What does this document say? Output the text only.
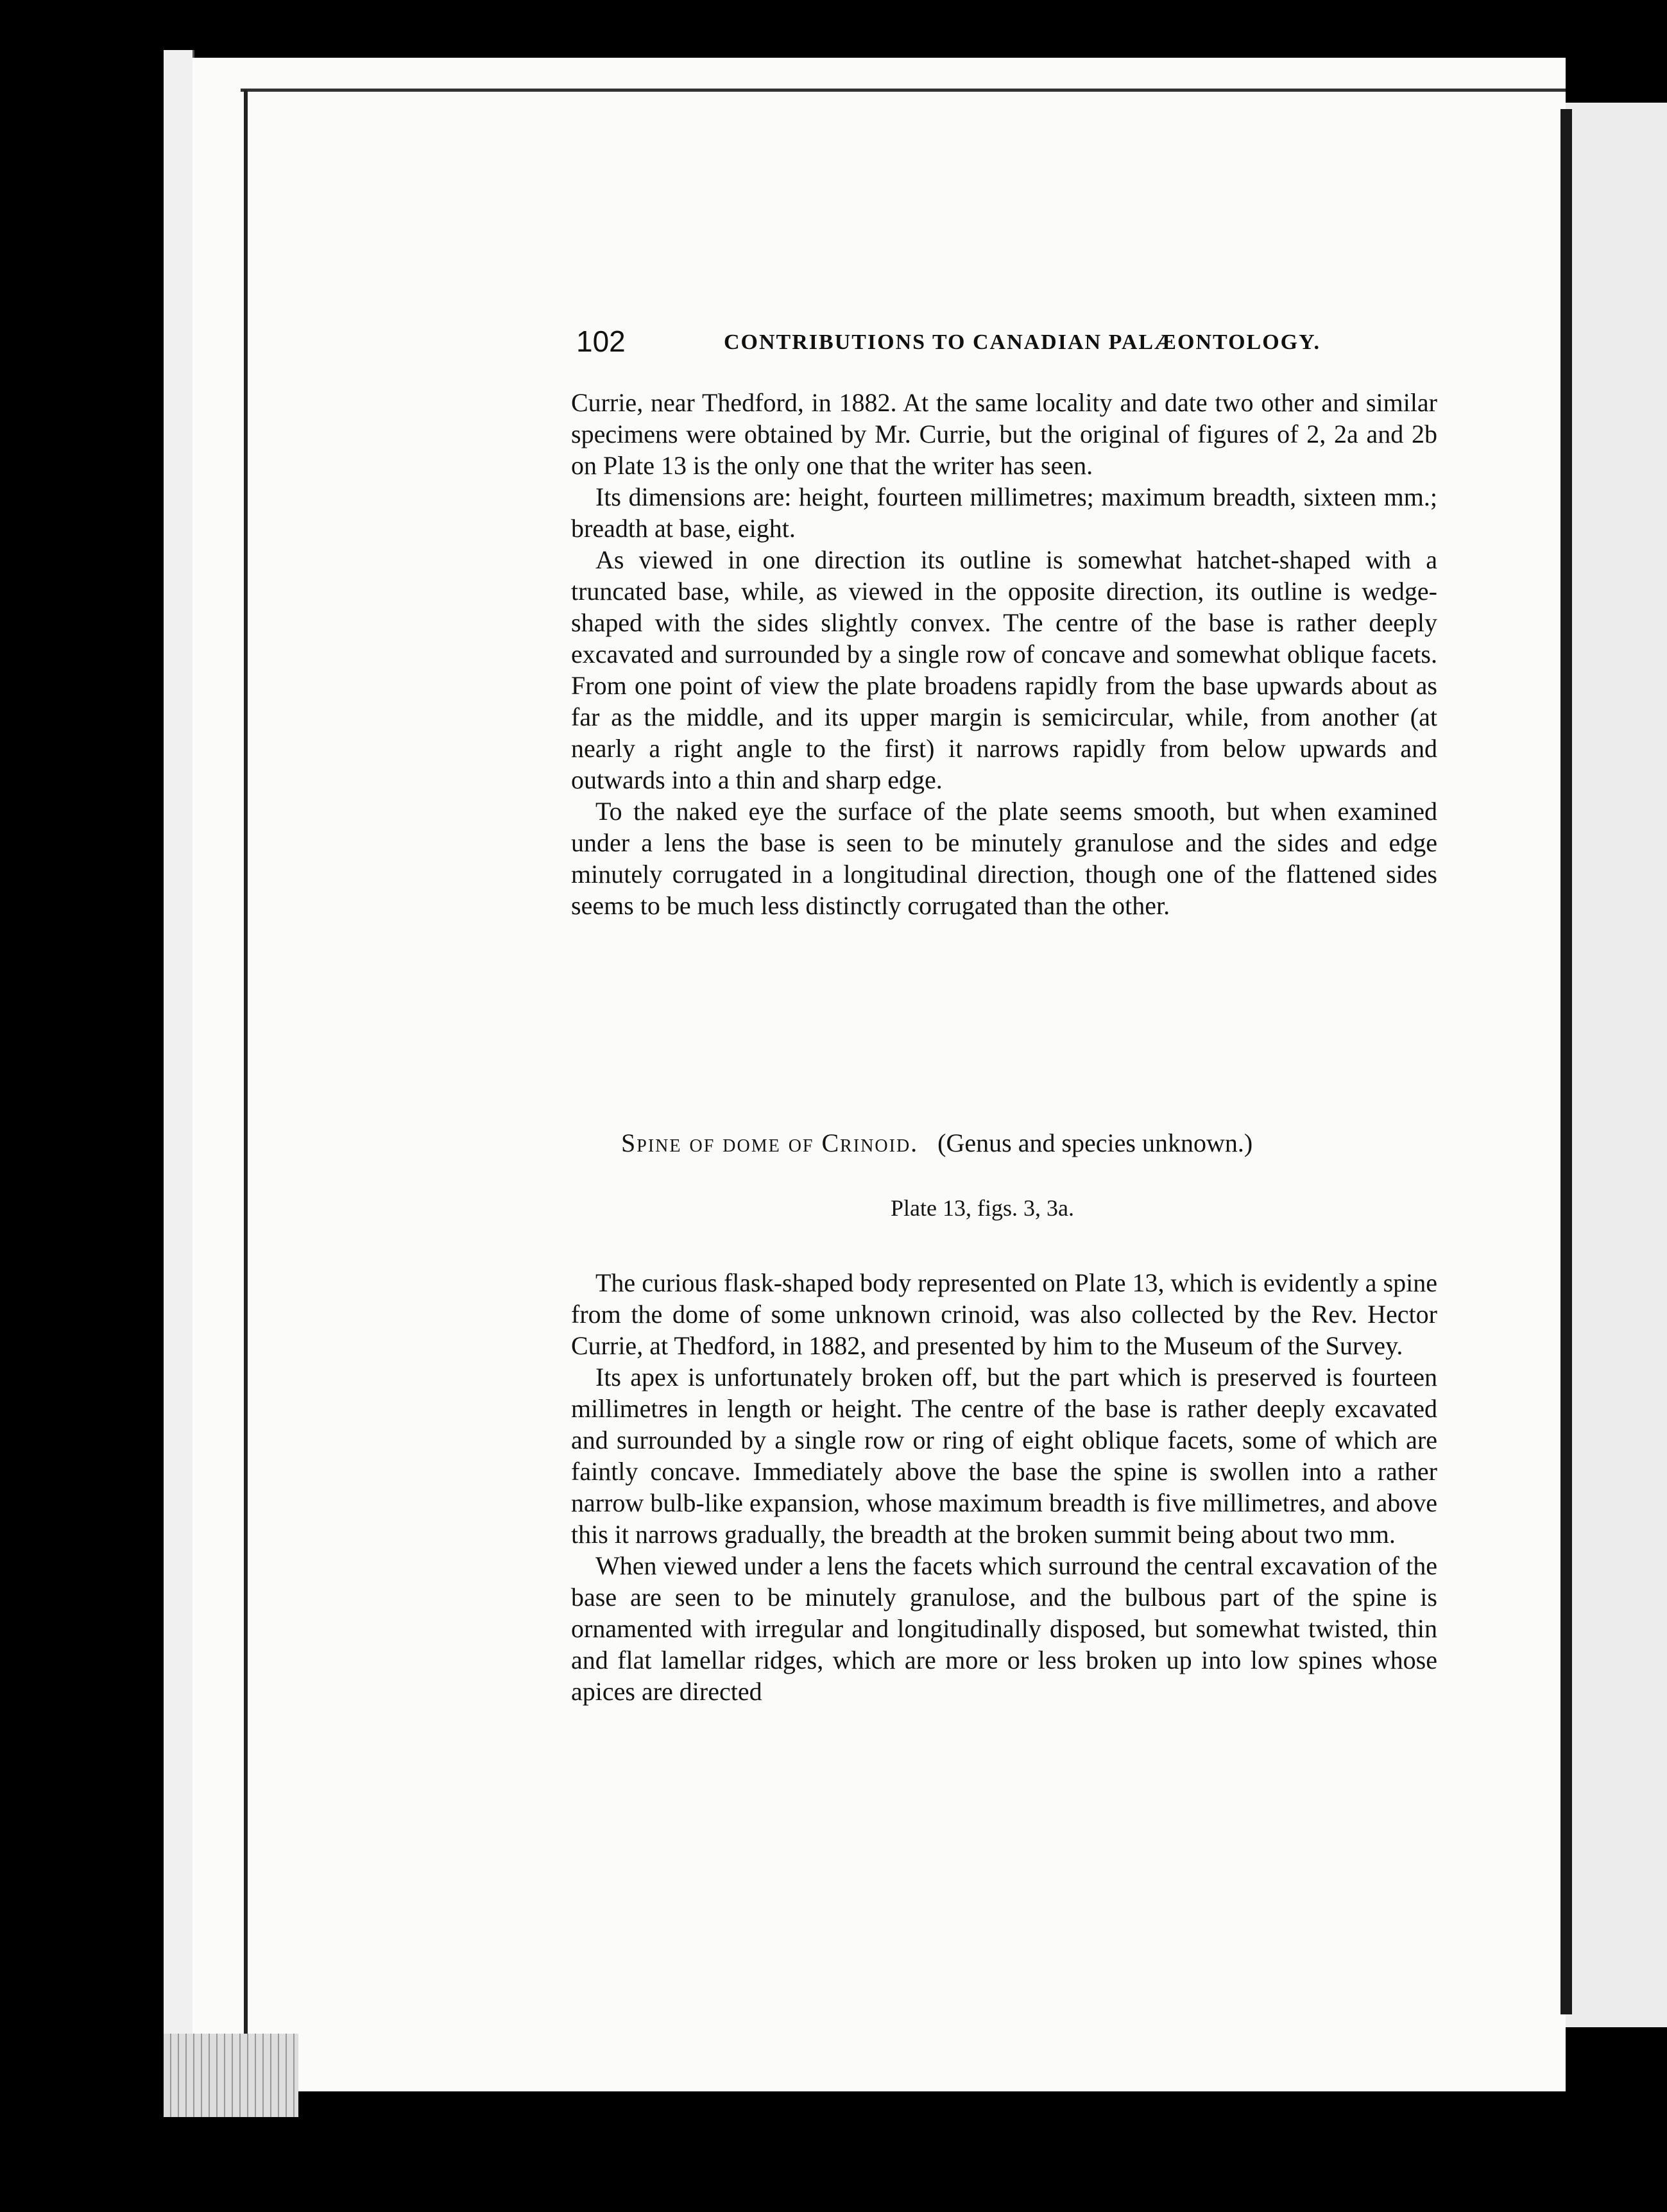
102	CONTRIBUTIONS TO CANADIAN PALÆONTOLOGY.

Currie, near Thedford, in 1882. At the same locality and date two other and similar specimens were obtained by Mr. Currie, but the original of figures of 2, 2a and 2b on Plate 13 is the only one that the writer has seen.

Its dimensions are: height, fourteen millimetres; maximum breadth, sixteen mm.; breadth at base, eight.

As viewed in one direction its outline is somewhat hatchet-shaped with a truncated base, while, as viewed in the opposite direction, its outline is wedge-shaped with the sides slightly convex. The centre of the base is rather deeply excavated and surrounded by a single row of concave and somewhat oblique facets. From one point of view the plate broadens rapidly from the base upwards about as far as the middle, and its upper margin is semicircular, while, from another (at nearly a right angle to the first) it narrows rapidly from below upwards and outwards into a thin and sharp edge.

To the naked eye the surface of the plate seems smooth, but when examined under a lens the base is seen to be minutely granulose and the sides and edge minutely corrugated in a longitudinal direction, though one of the flattened sides seems to be much less distinctly corrugated than the other.

Spine of dome of Crinoid. (Genus and species unknown.)
Plate 13, figs. 3, 3a.

The curious flask-shaped body represented on Plate 13, which is evidently a spine from the dome of some unknown crinoid, was also collected by the Rev. Hector Currie, at Thedford, in 1882, and presented by him to the Museum of the Survey.

Its apex is unfortunately broken off, but the part which is preserved is fourteen millimetres in length or height. The centre of the base is rather deeply excavated and surrounded by a single row or ring of eight oblique facets, some of which are faintly concave. Immediately above the base the spine is swollen into a rather narrow bulb-like expansion, whose maximum breadth is five millimetres, and above this it narrows gradually, the breadth at the broken summit being about two mm.

When viewed under a lens the facets which surround the central excavation of the base are seen to be minutely granulose, and the bulbous part of the spine is ornamented with irregular and longitudinally disposed, but somewhat twisted, thin and flat lamellar ridges, which are more or less broken up into low spines whose apices are directed
